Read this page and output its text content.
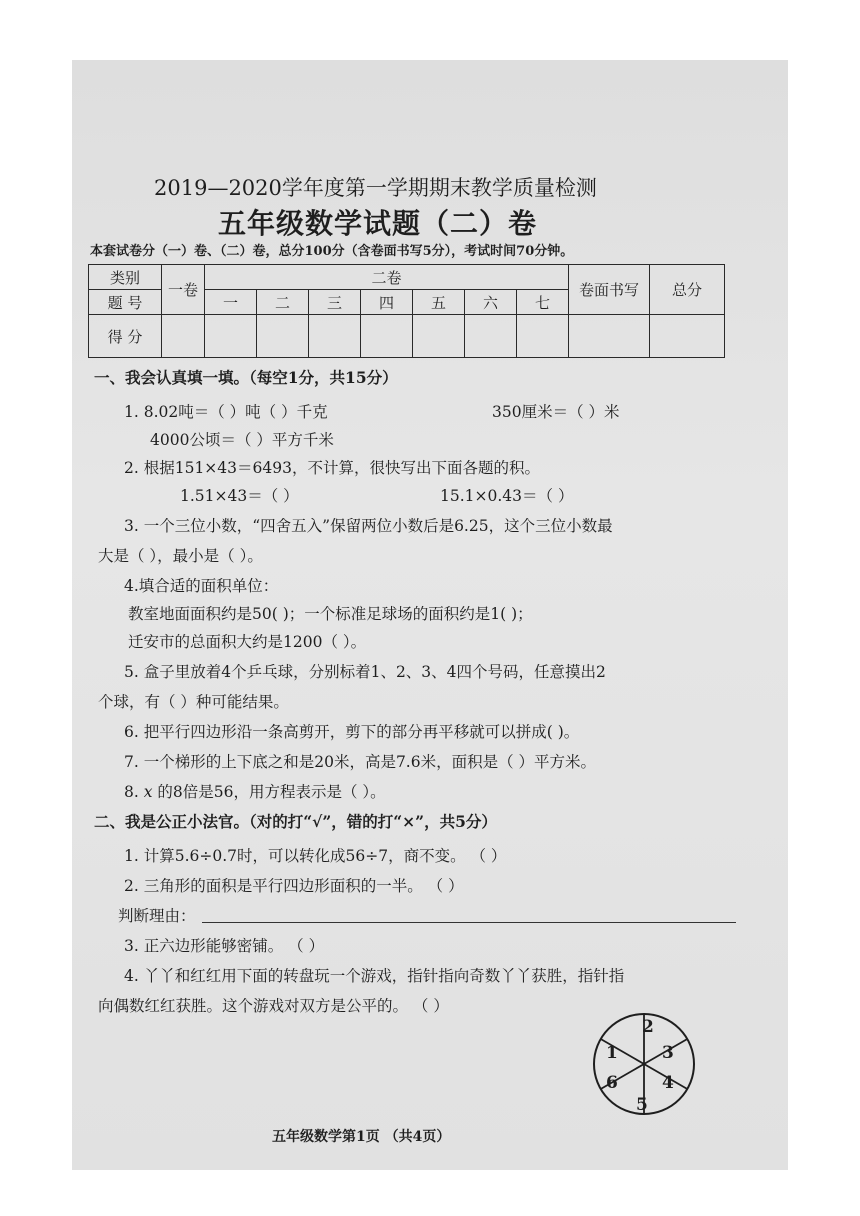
2019—2020学年度第一学期期末教学质量检测
五年级数学试题（二）卷
本套试卷分（一）卷、（二）卷，总分100分（含卷面书写5分），考试时间70分钟。
类别	一卷	二卷							卷面书写	总分
题 号		一	二	三	四	五	六	七		
得 分										
一、我会认真填一填。（每空1分，共15分）
1. 8.02吨＝（ ）吨（ ）千克	350厘米＝（ ）米
4000公顷＝（ ）平方千米
2. 根据151×43＝6493，不计算，很快写出下面各题的积。
1.51×43＝（ ）	15.1×0.43＝（ ）
3. 一个三位小数，“四舍五入”保留两位小数后是6.25，这个三位小数最
大是（ ），最小是（ ）。
4.填合适的面积单位：
教室地面面积约是50( )；一个标准足球场的面积约是1( )；
迁安市的总面积大约是1200（ ）。
5. 盒子里放着4个乒乓球，分别标着1、2、3、4四个号码，任意摸出2
个球，有（ ）种可能结果。
6. 把平行四边形沿一条高剪开，剪下的部分再平移就可以拼成( )。
7. 一个梯形的上下底之和是20米，高是7.6米，面积是（ ）平方米。
8. 𝑥 的8倍是56，用方程表示是（ ）。
二、我是公正小法官。（对的打“√”，错的打“×”，共5分）
1. 计算5.6÷0.7时，可以转化成56÷7，商不变。 （ ）
2. 三角形的面积是平行四边形面积的一半。 （ ）
判断理由：
3. 正六边形能够密铺。 （ ）
4. 丫丫和红红用下面的转盘玩一个游戏，指针指向奇数丫丫获胜，指针指
向偶数红红获胜。这个游戏对双方是公平的。 （ ）
2
3
4
5
6
1
五年级数学第1页 （共4页）
